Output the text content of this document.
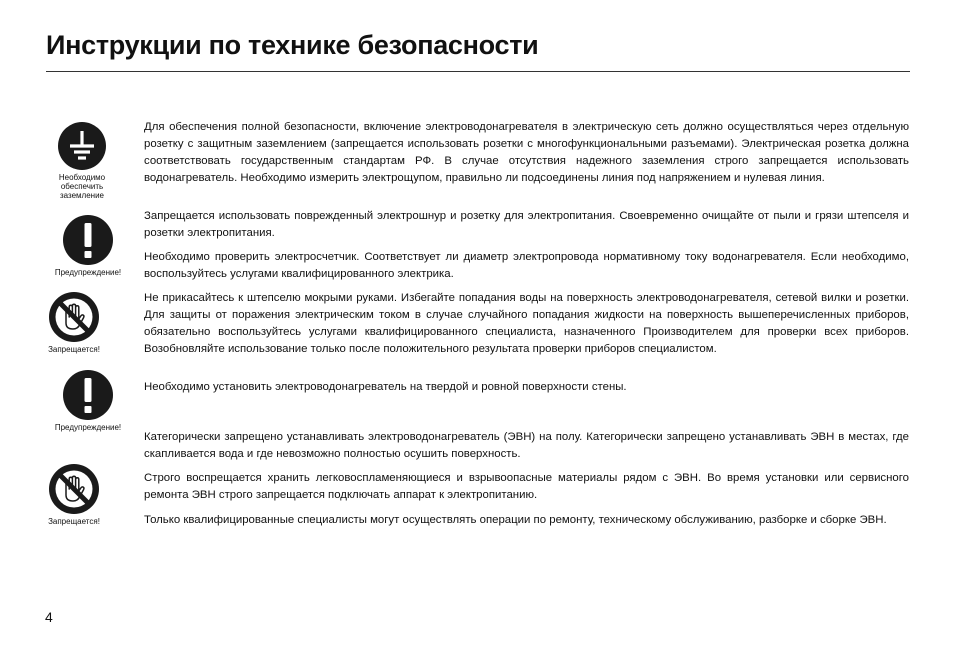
Инструкции по технике безопасности
Необходимо
обеспечить
заземление
Предупреждение!
Запрещается!
Предупреждение!
Запрещается!

Для обеспечения полной безопасности, включение электроводонагревателя в электрическую сеть должно осуществляться через отдельную розетку с защитным заземлением (запрещается использовать розетки с многофункциональными разъемами). Электрическая розетка должна соответствовать государственным стандартам РФ. В случае отсутствия надежного заземления строго запрещается использовать водонагреватель. Необходимо измерить электрощупом, правильно ли подсоединены линия под напряжением и нулевая линия.

Запрещается использовать поврежденный электрошнур и розетку для электропитания. Своевременно очищайте от пыли и грязи штепселя и розетки электропитания.

Необходимо проверить электросчетчик. Соответствует ли диаметр электропровода нормативному току водонагревателя. Если необходимо, воспользуйтесь услугами квалифицированного электрика.

Не прикасайтесь к штепселю мокрыми руками. Избегайте попадания воды на поверхность электроводонагревателя, сетевой вилки и розетки. Для защиты от поражения электрическим током в случае случайного попадания жидкости на поверхность вышеперечисленных приборов, обязательно воспользуйтесь услугами квалифицированного специалиста, назначенного Производителем для проверки всех приборов. Возобновляйте использование только после положительного результата проверки приборов специалистом.

Необходимо установить электроводонагреватель на твердой и ровной поверхности стены.

Категорически запрещено устанавливать электроводонагреватель (ЭВН) на полу. Категорически запрещено устанавливать ЭВН в местах, где скапливается вода и где невозможно полностью осушить поверхность.

Строго воспрещается хранить легковоспламеняющиеся и взрывоопасные материалы рядом с ЭВН. Во время установки или сервисного ремонта ЭВН строго запрещается подключать аппарат к электропитанию.

Только квалифицированные специалисты могут осуществлять операции по ремонту, техническому обслуживанию, разборке и сборке ЭВН.

4
